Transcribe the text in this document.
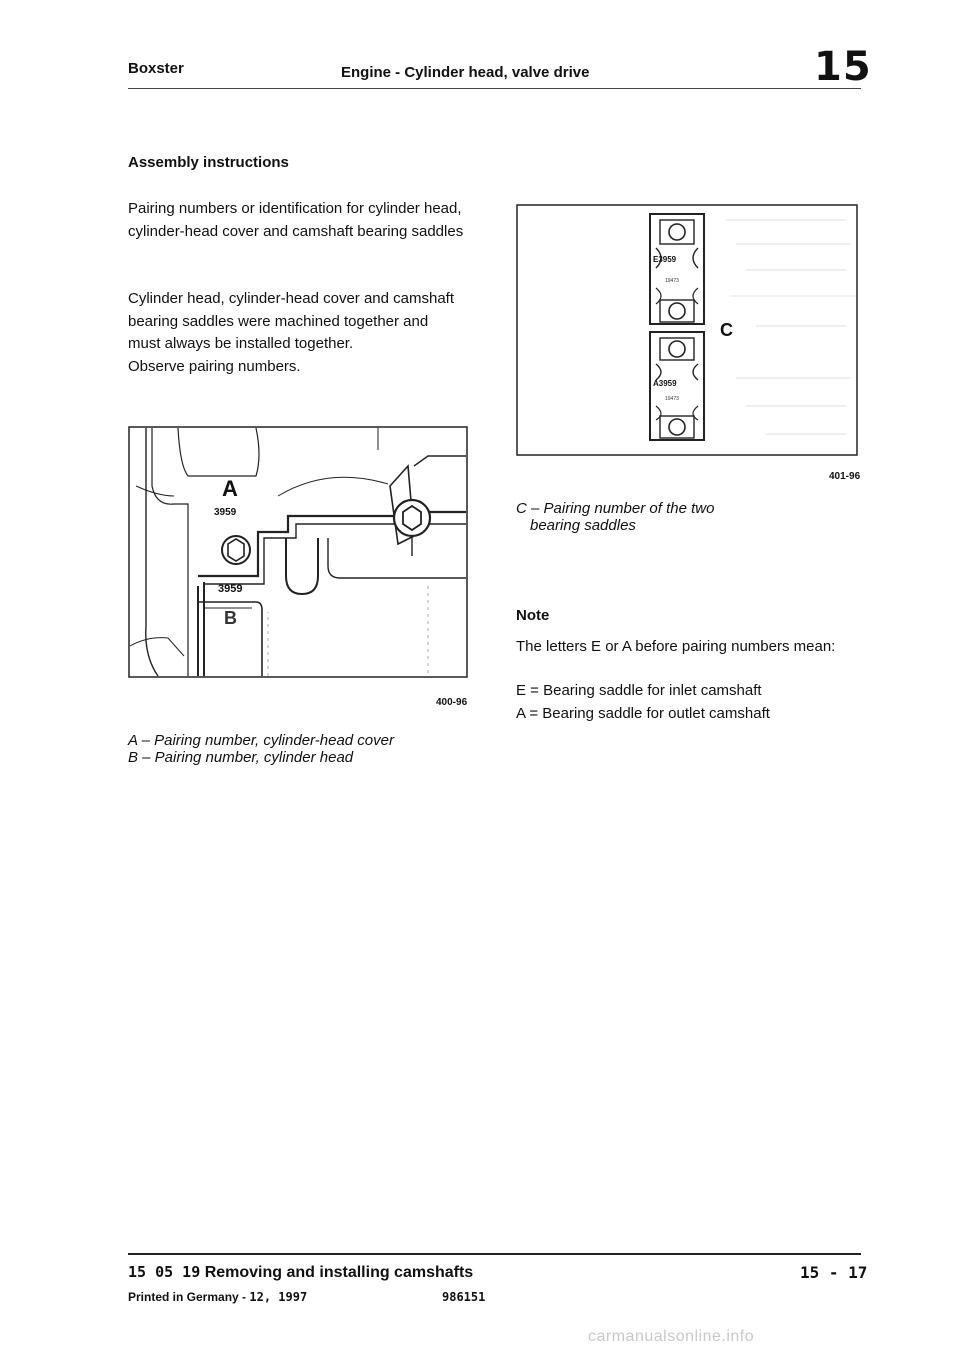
Boxster	Engine - Cylinder head, valve drive	15
Assembly instructions
Pairing numbers or identification for cylinder head, cylinder-head cover and camshaft bearing saddles
Cylinder head, cylinder-head cover and camshaft
bearing saddles were machined together and
must always be installed together.
Observe pairing numbers.
A
3959
3959
B
400-96
A – Pairing number, cylinder-head cover
B – Pairing number, cylinder head
E3959
19473
A3959
19473
C
401-96
C – Pairing number of the two
bearing saddles
Note
The letters E or A before pairing numbers mean:
E = Bearing saddle for inlet camshaft
A = Bearing saddle for outlet camshaft
15 05 19 Removing and installing camshafts	15 - 17
Printed in Germany - 12, 1997	986151
carmanualsonline.info
